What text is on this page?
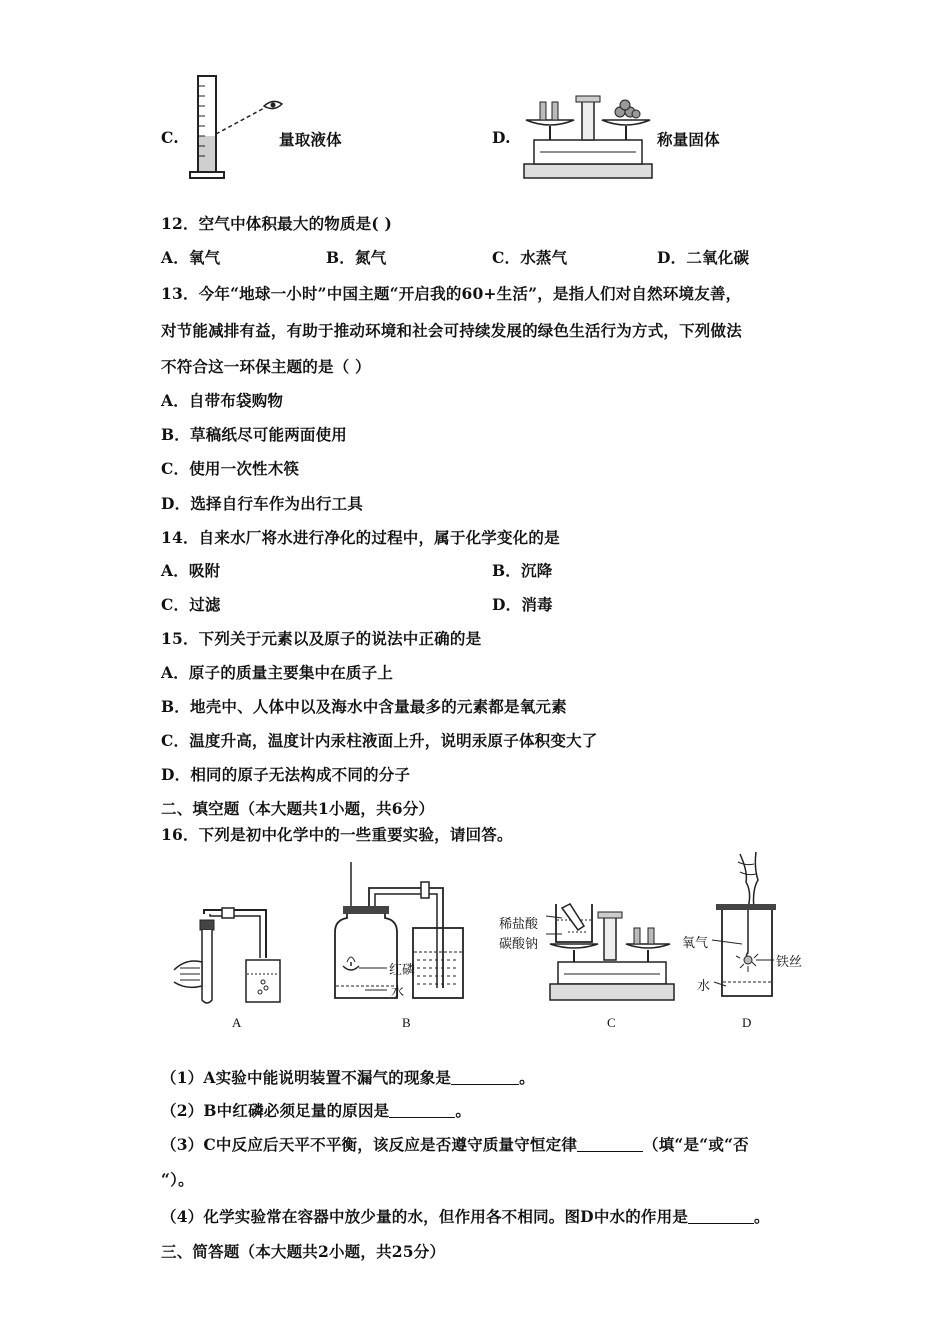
C.	量取液体	D.	称量固体
12．空气中体积最大的物质是( )
A．氧气	B．氮气	C．水蒸气	D．二氧化碳
13．今年“地球一小时”中国主题“开启我的60+生活”，是指人们对自然环境友善，
对节能减排有益，有助于推动环境和社会可持续发展的绿色生活行为方式，下列做法
不符合这一环保主题的是（ ）
A．自带布袋购物
B．草稿纸尽可能两面使用
C．使用一次性木筷
D．选择自行车作为出行工具
14．自来水厂将水进行净化的过程中，属于化学变化的是
A．吸附	B．沉降
C．过滤	D．消毒
15．下列关于元素以及原子的说法中正确的是
A．原子的质量主要集中在质子上
B．地壳中、人体中以及海水中含量最多的元素都是氧元素
C．温度升高，温度计内汞柱液面上升，说明汞原子体积变大了
D．相同的原子无法构成不同的分子
二、填空题（本大题共1小题，共6分）
16．下列是初中化学中的一些重要实验，请回答。
A
红磷
水
B
稀盐酸
碳酸钠
C
氧气
铁丝
水
D
（1）A实验中能说明装置不漏气的现象是	。
（2）B中红磷必须足量的原因是	。
（3）C中反应后天平不平衡，该反应是否遵守质量守恒定律	（填“是“或“否
“）。
（4）化学实验常在容器中放少量的水，但作用各不相同。图D中水的作用是	。
三、简答题（本大题共2小题，共25分）
